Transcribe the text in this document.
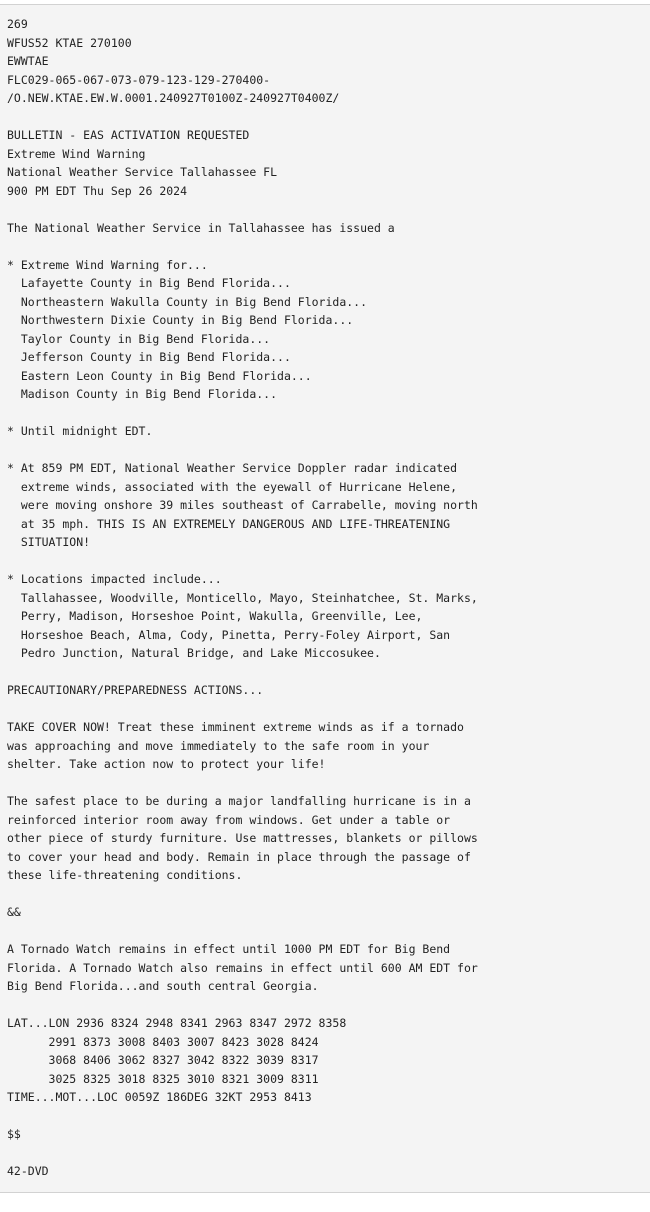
269
WFUS52 KTAE 270100
EWWTAE
FLC029-065-067-073-079-123-129-270400-
/O.NEW.KTAE.EW.W.0001.240927T0100Z-240927T0400Z/

BULLETIN - EAS ACTIVATION REQUESTED
Extreme Wind Warning
National Weather Service Tallahassee FL
900 PM EDT Thu Sep 26 2024

The National Weather Service in Tallahassee has issued a

* Extreme Wind Warning for...
Lafayette County in Big Bend Florida...
Northeastern Wakulla County in Big Bend Florida...
Northwestern Dixie County in Big Bend Florida...
Taylor County in Big Bend Florida...
Jefferson County in Big Bend Florida...
Eastern Leon County in Big Bend Florida...
Madison County in Big Bend Florida...

* Until midnight EDT.

* At 859 PM EDT, National Weather Service Doppler radar indicated
extreme winds, associated with the eyewall of Hurricane Helene,
were moving onshore 39 miles southeast of Carrabelle, moving north
at 35 mph. THIS IS AN EXTREMELY DANGEROUS AND LIFE-THREATENING
SITUATION!

* Locations impacted include...
Tallahassee, Woodville, Monticello, Mayo, Steinhatchee, St. Marks,
Perry, Madison, Horseshoe Point, Wakulla, Greenville, Lee,
Horseshoe Beach, Alma, Cody, Pinetta, Perry-Foley Airport, San
Pedro Junction, Natural Bridge, and Lake Miccosukee.

PRECAUTIONARY/PREPAREDNESS ACTIONS...

TAKE COVER NOW! Treat these imminent extreme winds as if a tornado
was approaching and move immediately to the safe room in your
shelter. Take action now to protect your life!

The safest place to be during a major landfalling hurricane is in a
reinforced interior room away from windows. Get under a table or
other piece of sturdy furniture. Use mattresses, blankets or pillows
to cover your head and body. Remain in place through the passage of
these life-threatening conditions.

&&

A Tornado Watch remains in effect until 1000 PM EDT for Big Bend
Florida. A Tornado Watch also remains in effect until 600 AM EDT for
Big Bend Florida...and south central Georgia.

LAT...LON 2936 8324 2948 8341 2963 8347 2972 8358
2991 8373 3008 8403 3007 8423 3028 8424
3068 8406 3062 8327 3042 8322 3039 8317
3025 8325 3018 8325 3010 8321 3009 8311
TIME...MOT...LOC 0059Z 186DEG 32KT 2953 8413

$$

42-DVD
